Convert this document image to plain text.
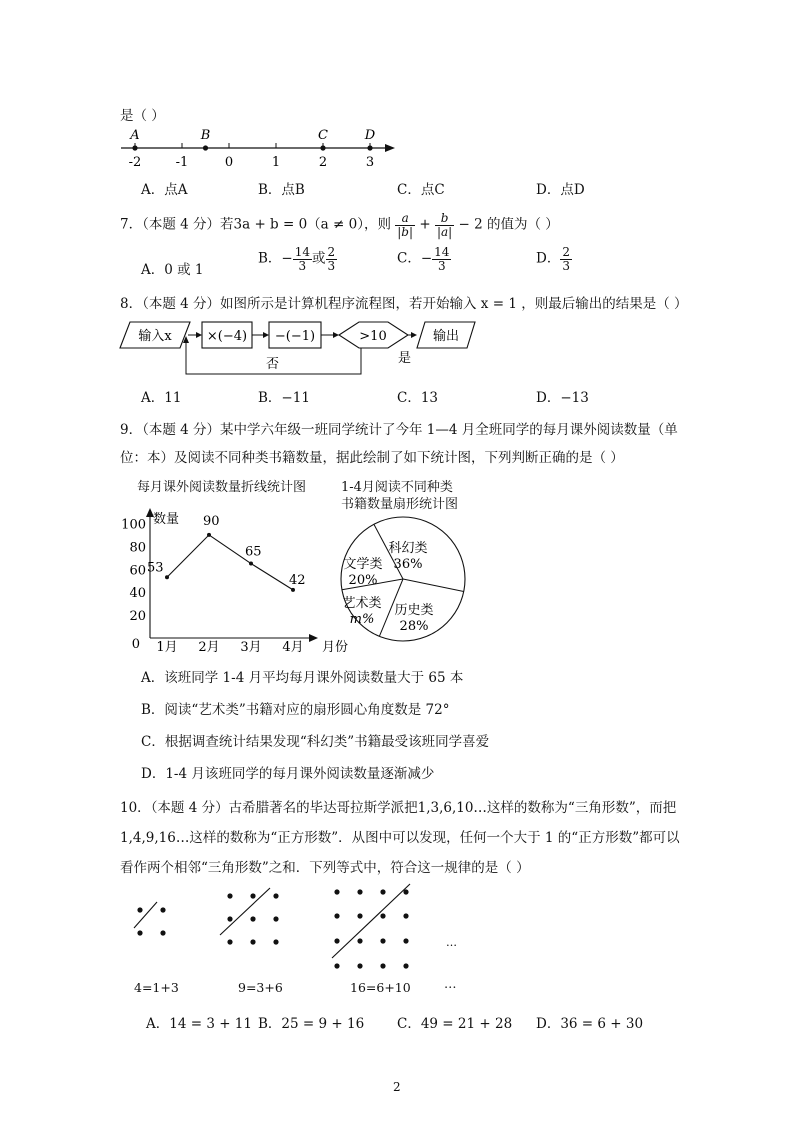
是（ ）
-2	-1	0	1	2	3
A	B	C	D
A．点A	B．点B	C．点C	D．点D
7．（本题 4 分）若3a + b = 0（a ≠ 0），则 $\frac{a}{|b|} + \frac{b}{|a|} - 2$ 的值为（ ）
A．0 或 1
B．− $\frac{14}{3}$ 或 $\frac{2}{3}$	C．− $\frac{14}{3}$	D． $\frac{2}{3}$
8．（本题 4 分）如图所示是计算机程序流程图，若开始输入 x = 1 ，则最后输出的结果是（ ）
输入x	×(−4) −(−1)	>10	输出
是
否
A．11	B．−11	C．13	D．−13
9．（本题 4 分）某中学六年级一班同学统计了今年 1—4 月全班同学的每月课外阅读数量（单
位：本）及阅读不同种类书籍数量，据此绘制了如下统计图，下列判断正确的是（ ）
每月课外阅读数量折线统计图	1-4月阅读不同种类
书籍数量扇形统计图
数量
0
20
40
60
80
100
1月 2月 3月 4月 月份
53
90
65
42
科幻类
36%
历史类
28%
艺术类
m%
文学类
20%
A．该班同学 1-4 月平均每月课外阅读数量大于 65 本
B．阅读“艺术类”书籍对应的扇形圆心角度数是 72°
C．根据调查统计结果发现“科幻类”书籍最受该班同学喜爱
D．1-4 月该班同学的每月课外阅读数量逐渐减少
10．（本题 4 分）古希腊著名的毕达哥拉斯学派把1,3,6,10…这样的数称为“三角形数”，而把
1,4,9,16…这样的数称为“正方形数”．从图中可以发现，任何一个大于 1 的“正方形数”都可以
看作两个相邻“三角形数”之和．下列等式中，符合这一规律的是（ ）
…
4=1+3	9=3+6	16=6+10	…
A．14 = 3 + 11 B．25 = 9 + 16 C．49 = 21 + 28 D．36 = 6 + 30
2
